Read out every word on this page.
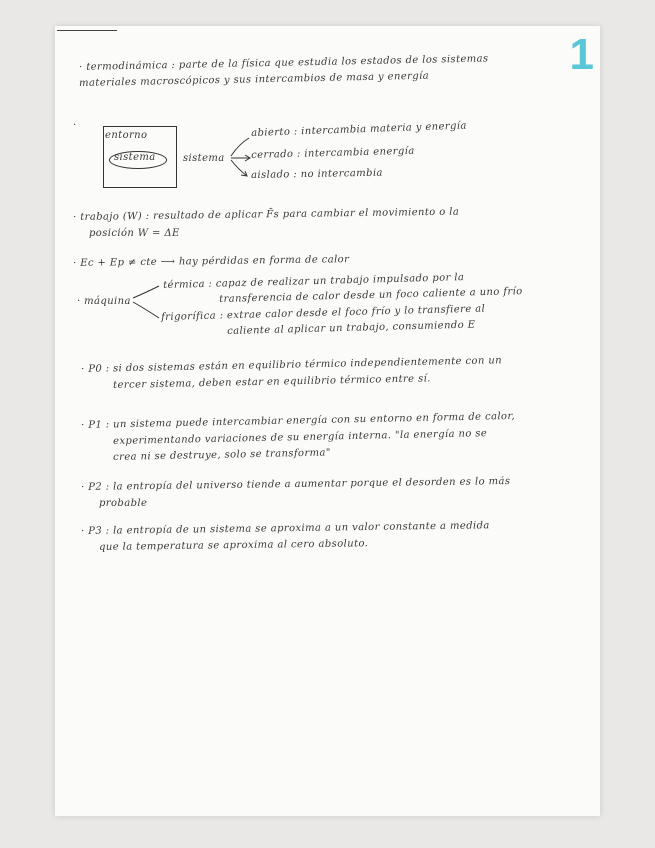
1
· termodinámica : parte de la física que estudia los estados de los sistemas
materiales macroscópicos y sus intercambios de masa y energía
·
entorno
sistema	sistema
abierto : intercambia materia y energía
cerrado : intercambia energía
aislado : no intercambia
· trabajo (W) : resultado de aplicar F̄s para cambiar el movimiento o la
posición W = ΔE
· Ec + Ep ≠ cte ⟶ hay pérdidas en forma de calor
· máquina
térmica : capaz de realizar un trabajo impulsado por la
transferencia de calor desde un foco caliente a uno frío
frigorífica : extrae calor desde el foco frío y lo transfiere al
caliente al aplicar un trabajo, consumiendo E
· P0 : si dos sistemas están en equilibrio térmico independientemente con un
tercer sistema, deben estar en equilibrio térmico entre sí.
· P1 : un sistema puede intercambiar energía con su entorno en forma de calor,
experimentando variaciones de su energía interna. "la energía no se
crea ni se destruye, solo se transforma"
· P2 : la entropía del universo tiende a aumentar porque el desorden es lo más
probable
· P3 : la entropía de un sistema se aproxima a un valor constante a medida
que la temperatura se aproxima al cero absoluto.
